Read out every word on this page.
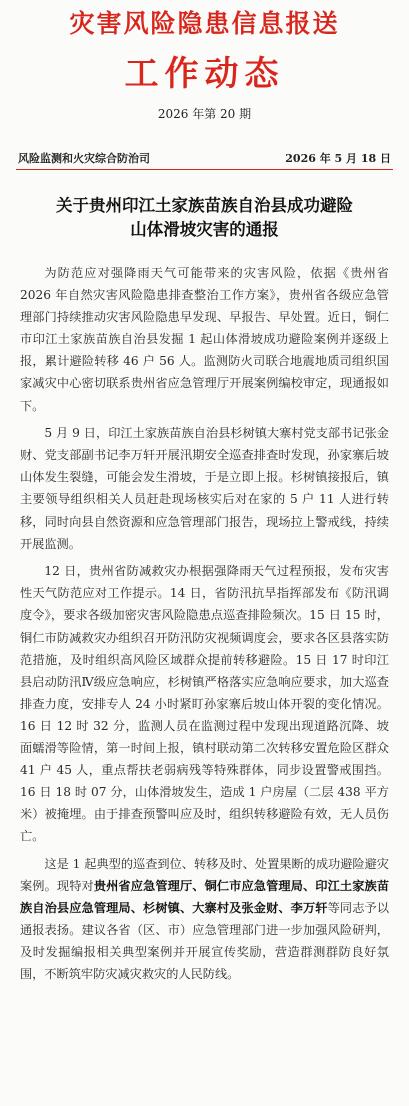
灾害风险隐患信息报送
工作动态
2026 年第 20 期
风险监测和火灾综合防治司	2026 年 5 月 18 日
关于贵州印江土家族苗族自治县成功避险
山体滑坡灾害的通报

为防范应对强降雨天气可能带来的灾害风险，依据《贵州省 2026 年自然灾害风险隐患排查整治工作方案》，贵州省各级应急管理部门持续推动灾害风险隐患早发现、早报告、早处置。近日，铜仁市印江土家族苗族自治县发掘 1 起山体滑坡成功避险案例并逐级上报，累计避险转移 46 户 56 人。监测防火司联合地震地质司组织国家减灾中心密切联系贵州省应急管理厅开展案例编校审定，现通报如下。

5 月 9 日，印江土家族苗族自治县杉树镇大寨村党支部书记张金财、党支部副书记李万轩开展汛期安全巡查排查时发现，孙家寨后坡山体发生裂缝，可能会发生滑坡，于是立即上报。杉树镇接报后，镇主要领导组织相关人员赶赴现场核实后对在家的 5 户 11 人进行转移，同时向县自然资源和应急管理部门报告，现场拉上警戒线，持续开展监测。

12 日，贵州省防减救灾办根据强降雨天气过程预报，发布灾害性天气防范应对工作提示。14 日，省防汛抗旱指挥部发布《防汛调度令》，要求各级加密灾害风险隐患点巡查排险频次。15 日 15 时，铜仁市防减救灾办组织召开防汛防灾视频调度会，要求各区县落实防范措施，及时组织高风险区域群众提前转移避险。15 日 17 时印江县启动防汛Ⅳ级应急响应，杉树镇严格落实应急响应要求，加大巡查排查力度，安排专人 24 小时紧盯孙家寨后坡山体开裂的变化情况。16 日 12 时 32 分，监测人员在监测过程中发现出现道路沉降、坡面蠕滑等险情，第一时间上报，镇村联动第二次转移安置危险区群众 41 户 45 人，重点帮扶老弱病残等特殊群体，同步设置警戒围挡。16 日 18 时 07 分，山体滑坡发生，造成 1 户房屋（二层 438 平方米）被掩埋。由于排查预警叫应及时，组织转移避险有效，无人员伤亡。

这是 1 起典型的巡查到位、转移及时、处置果断的成功避险避灾案例。现特对贵州省应急管理厅、铜仁市应急管理局、印江土家族苗族自治县应急管理局、杉树镇、大寨村及张金财、李万轩等同志予以通报表扬。建议各省（区、市）应急管理部门进一步加强风险研判，及时发掘编报相关典型案例并开展宣传奖励，营造群测群防良好氛围，不断筑牢防灾减灾救灾的人民防线。
